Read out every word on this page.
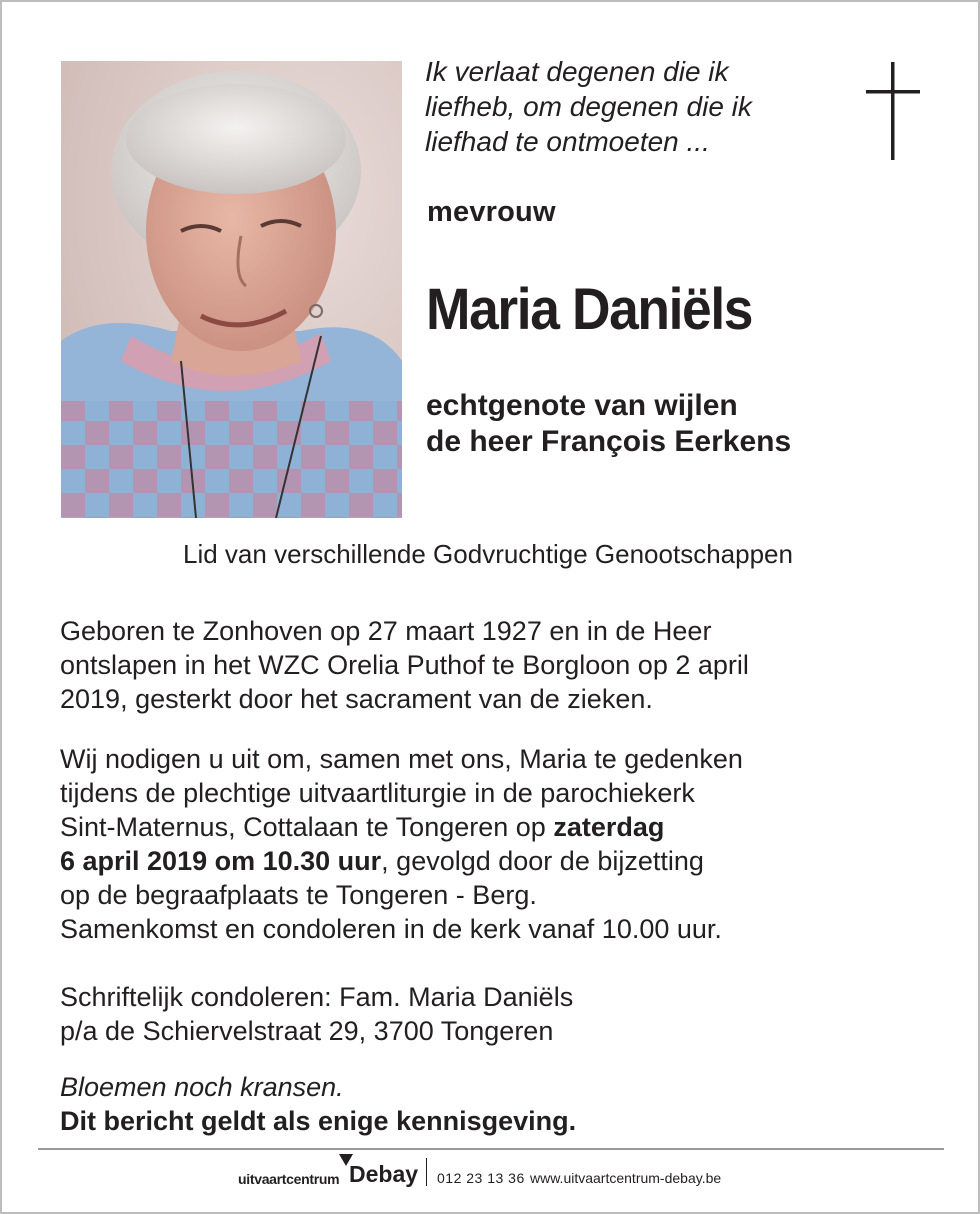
Ik verlaat degenen die ik
liefheb, om degenen die ik
liefhad te ontmoeten ...
mevrouw
Maria Daniëls
echtgenote van wijlen
de heer François Eerkens
Lid van verschillende Godvruchtige Genootschappen
Geboren te Zonhoven op 27 maart 1927 en in de Heer
ontslapen in het WZC Orelia Puthof te Borgloon op 2 april
2019, gesterkt door het sacrament van de zieken.
Wij nodigen u uit om, samen met ons, Maria te gedenken
tijdens de plechtige uitvaartliturgie in de parochiekerk
Sint-Maternus, Cottalaan te Tongeren op zaterdag
6 april 2019 om 10.30 uur, gevolgd door de bijzetting
op de begraafplaats te Tongeren - Berg.
Samenkomst en condoleren in de kerk vanaf 10.00 uur.
Schriftelijk condoleren: Fam. Maria Daniëls
p/a de Schiervelstraat 29, 3700 Tongeren
Bloemen noch kransen.
Dit bericht geldt als enige kennisgeving.
uitvaartcentrum Debay 012 23 13 36 www.uitvaartcentrum-debay.be
